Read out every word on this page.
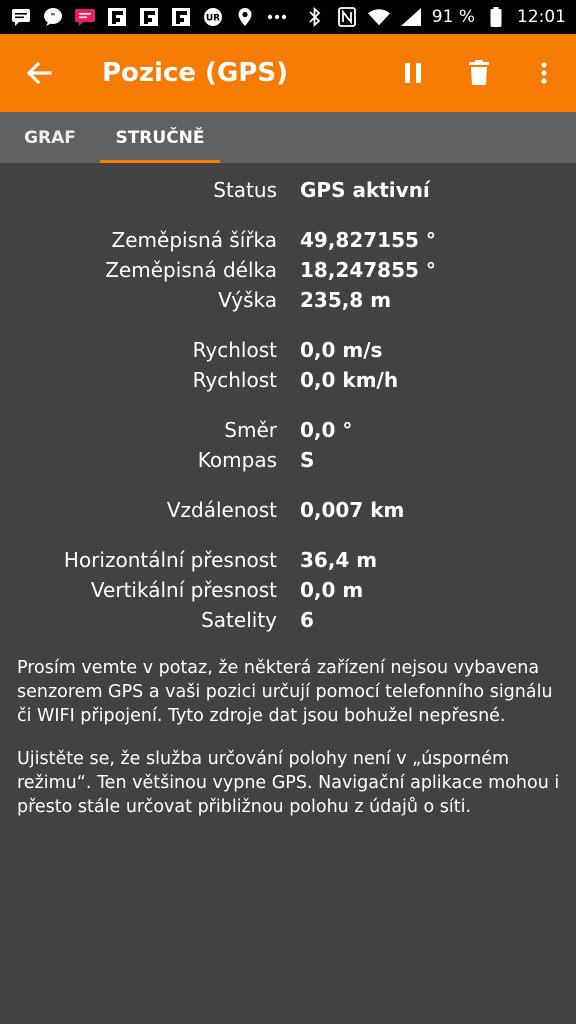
"	UR	91 % 12:01
Pozice (GPS)
GRAF	STRUČNĚ
Status GPS aktivní
Zeměpisná šířka 49,827155 °
Zeměpisná délka 18,247855 °
Výška 235,8 m
Rychlost 0,0 m/s
Rychlost 0,0 km/h
Směr 0,0 °
Kompas S
Vzdálenost 0,007 km
Horizontální přesnost 36,4 m
Vertikální přesnost 0,0 m
Satelity 6

Prosím vemte v potaz, že některá zařízení nejsou vybavena senzorem GPS a vaši pozici určují pomocí telefonního signálu či WIFI připojení. Tyto zdroje dat jsou bohužel nepřesné.

Ujistěte se, že služba určování polohy není v „úsporném režimu“. Ten většinou vypne GPS. Navigační aplikace mohou i přesto stále určovat přibližnou polohu z údajů o síti.
